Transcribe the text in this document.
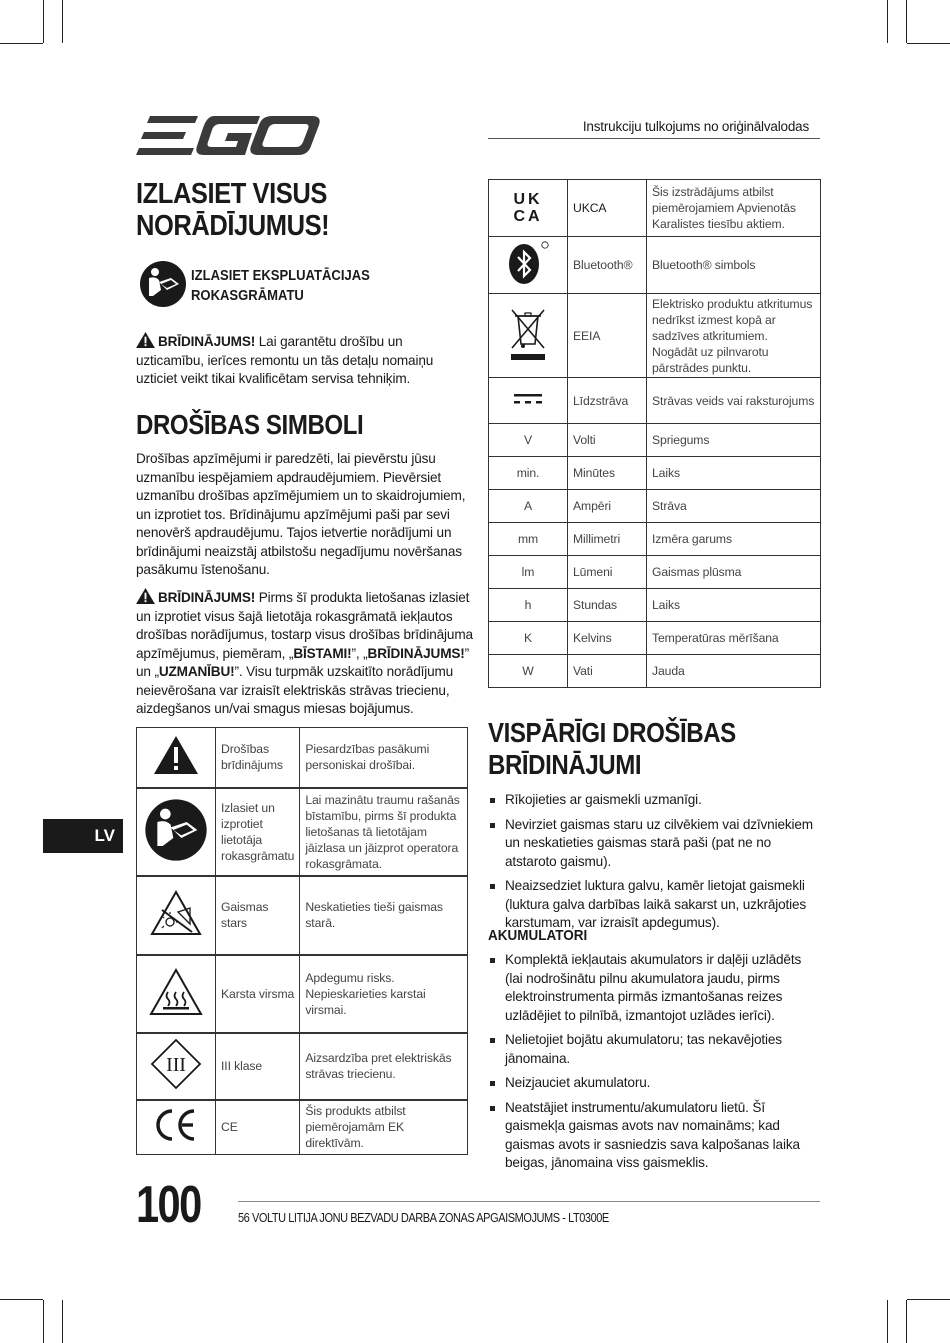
Instrukciju tulkojums no oriģinālvalodas
IZLASIET VISUS
NORĀDĪJUMUS!
IZLASIET EKSPLUATĀCIJAS
ROKASGRĀMATU
BRĪDINĀJUMS! Lai garantētu drošību un uzticamību, ierīces remontu un tās detaļu nomaiņu uzticiet veikt tikai kvalificētam servisa tehniķim.
DROŠĪBAS SIMBOLI
Drošības apzīmējumi ir paredzēti, lai pievērstu jūsu uzmanību iespējamiem apdraudējumiem. Pievērsiet uzmanību drošības apzīmējumiem un to skaidrojumiem, un izprotiet tos. Brīdinājumu apzīmējumi paši par sevi nenovērš apdraudējumu. Tajos ietvertie norādījumi un brīdinājumi neaizstāj atbilstošu negadījumu novēršanas pasākumu īstenošanu.
BRĪDINĀJUMS! Pirms šī produkta lietošanas izlasiet un izprotiet visus šajā lietotāja rokasgrāmatā iekļautos drošības norādījumus, tostarp visus drošības brīdinājuma apzīmējumus, piemēram, „BĪSTAMI!”, „BRĪDINĀJUMS!” un „UZMANĪBU!”. Visu turpmāk uzskaitīto norādījumu neievērošana var izraisīt elektriskās strāvas triecienu, aizdegšanos un/vai smagus miesas bojājumus.
	Drošības brīdinājums	Piesardzības pasākumi personiskai drošībai.
	Izlasiet un izprotiet lietotāja rokasgrāmatu	Lai mazinātu traumu rašanās bīstamību, pirms šī produkta lietošanas tā lietotājam jāizlasa un jāizprot operatora rokasgrāmata.
	Gaismas stars	Neskatieties tieši gaismas starā.
	Karsta virsma	Apdegumu risks. Nepieskarieties karstai virsmai.

III	III klase	Aizsardzība pret elektriskās strāvas triecienu.
	CE	Šis produkts atbilst piemērojamām EK direktīvām.
LV
UK
CA	UKCA	Šis izstrādājums atbilst piemērojamiem Apvienotās Karalistes tiesību aktiem.
	Bluetooth®	Bluetooth® simbols
	EEIA	Elektrisko produktu atkritumus nedrīkst izmest kopā ar sadzīves atkritumiem. Nogādāt uz pilnvarotu pārstrādes punktu.
	Līdzstrāva	Strāvas veids vai raksturojums
V	Volti	Spriegums
min.	Minūtes	Laiks
A	Ampēri	Strāva
mm	Millimetri	Izmēra garums
lm	Lūmeni	Gaismas plūsma
h	Stundas	Laiks
K	Kelvins	Temperatūras mērīšana
W	Vati	Jauda
VISPĀRĪGI DROŠĪBAS
BRĪDINĀJUMI
Rīkojieties ar gaismekli uzmanīgi.
Nevirziet gaismas staru uz cilvēkiem vai dzīvniekiem un neskatieties gaismas starā paši (pat ne no atstaroto gaismu).
Neaizsedziet luktura galvu, kamēr lietojat gaismekli (luktura galva darbības laikā sakarst un, uzkrājoties karstumam, var izraisīt apdegumus).
AKUMULATORI
Komplektā iekļautais akumulators ir daļēji uzlādēts (lai nodrošinātu pilnu akumulatora jaudu, pirms elektroinstrumenta pirmās izmantošanas reizes uzlādējiet to pilnībā, izmantojot uzlādes ierīci).
Nelietojiet bojātu akumulatoru; tas nekavējoties jānomaina.
Neizjauciet akumulatoru.
Neatstājiet instrumentu/akumulatoru lietū. Šī gaismekļa gaismas avots nav nomaināms; kad gaismas avots ir sasniedzis sava kalpošanas laika beigas, jānomaina viss gaismeklis.
100	56 VOLTU LITIJA JONU BEZVADU DARBA ZONAS APGAISMOJUMS - LT0300E
